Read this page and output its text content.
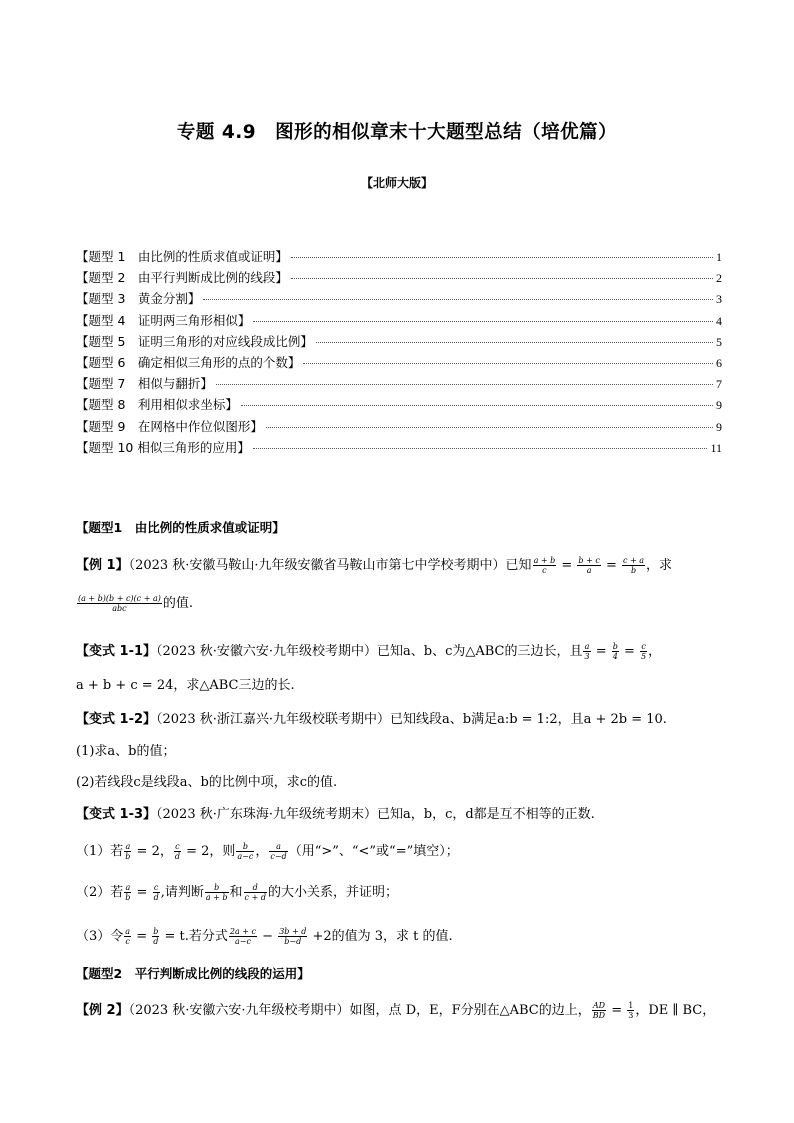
专题 4.9　图形的相似章末十大题型总结（培优篇）
【北师大版】
【题型 1　由比例的性质求值或证明】	1
【题型 2　由平行判断成比例的线段】	2
【题型 3　黄金分割】	3
【题型 4　证明两三角形相似】	4
【题型 5　证明三角形的对应线段成比例】	5
【题型 6　确定相似三角形的点的个数】	6
【题型 7　相似与翻折】	7
【题型 8　利用相似求坐标】	9
【题型 9　在网格中作位似图形】	9
【题型 10 相似三角形的应用】	11
【题型1　由比例的性质求值或证明】
【例 1】（2023 秋·安徽马鞍山·九年级安徽省马鞍山市第七中学校考期中）已知 $\frac{a + b}{c} = \frac{b + c}{a} = \frac{c + a}{b}$ ，求
$\frac{(a + b)(b + c)(c + a)}{\text{abc}}$ 的值.
【变式 1-1】（2023 秋·安徽六安·九年级校考期中）已知a、b、c为△ABC的三边长，且 $\frac{a}{3} = \frac{b}{4} = \frac{c}{5}$ ，
a + b + c = 24，求△ABC三边的长.
【变式 1-2】（2023 秋·浙江嘉兴·九年级校联考期中）已知线段a、b满足a:b = 1:2，且a + 2b = 10.
(1)求a、b的值；
(2)若线段c是线段a、b的比例中项，求c的值.
【变式 1-3】（2023 秋·广东珠海·九年级统考期末）已知a，b，c，d都是互不相等的正数.
（1）若 $\frac{a}{b} = 2$， $\frac{c}{d} = 2$，则 $\frac{b}{a-c}$ ， $\frac{a}{c-d}$ （用“>”、“<”或“=”填空）；
（2）若 $\frac{a}{b} = \frac{c}{d}$ ,请判断 $\frac{b}{a + b}$ 和 $\frac{d}{c + d}$ 的大小关系，并证明；
（3）令 $\frac{a}{c} = \frac{b}{d} = t$.若分式 $\frac{2a + c}{a-c} - \frac{3b + d}{b-d} +2$的值为 3，求 t 的值.
【题型2　平行判断成比例的线段的运用】
【例 2】（2023 秋·安徽六安·九年级校考期中）如图，点 D，E，F分别在△ABC的边上， $\frac{AD}{BD} = \frac{1}{3}$ ，DE ∥ BC，
